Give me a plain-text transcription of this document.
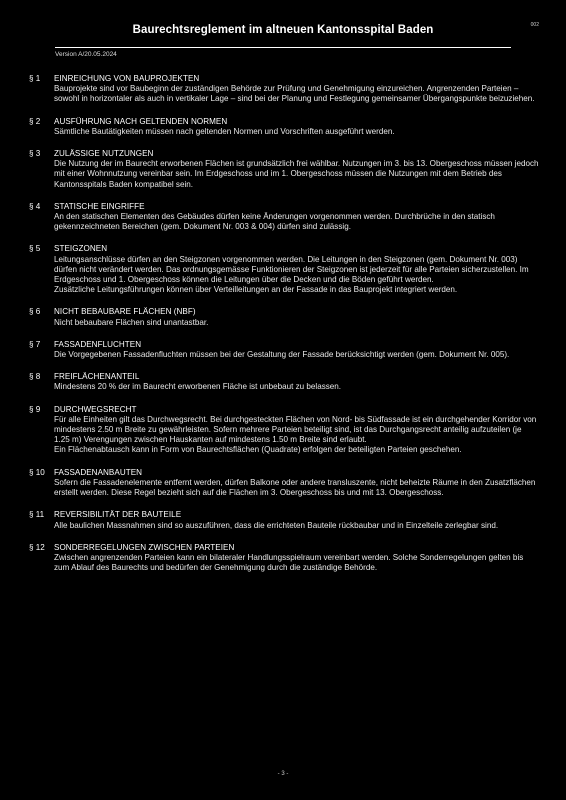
002
Baurechtsreglement im altneuen Kantonsspital Baden
Version A/20.05.2024
§ 1 EINREICHUNG VON BAUPROJEKTEN
Bauprojekte sind vor Baubeginn der zuständigen Behörde zur Prüfung und Genehmigung einzureichen. Angrenzenden Parteien – sowohl in horizontaler als auch in vertikaler Lage – sind bei der Planung und Festlegung gemeinsamer Übergangspunkte beizuziehen.
§ 2 AUSFÜHRUNG NACH GELTENDEN NORMEN
Sämtliche Bautätigkeiten müssen nach geltenden Normen und Vorschriften ausgeführt werden.
§ 3 ZULÄSSIGE NUTZUNGEN
Die Nutzung der im Baurecht erworbenen Flächen ist grundsätzlich frei wählbar. Nutzungen im 3. bis 13. Obergeschoss müssen jedoch mit einer Wohnnutzung vereinbar sein. Im Erdgeschoss und im 1. Obergeschoss müssen die Nutzungen mit dem Betrieb des Kantonsspitals Baden kompatibel sein.
§ 4 STATISCHE EINGRIFFE
An den statischen Elementen des Gebäudes dürfen keine Änderungen vorgenommen werden. Durchbrüche in den statisch gekennzeichneten Bereichen (gem. Dokument Nr. 003 & 004) dürfen sind zulässig.
§ 5 STEIGZONEN
Leitungsanschlüsse dürfen an den Steigzonen vorgenommen werden. Die Leitungen in den Steigzonen (gem. Dokument Nr. 003) dürfen nicht verändert werden. Das ordnungsgemässe Funktionieren der Steigzonen ist jederzeit für alle Parteien sicherzustellen. Im Erdgeschoss und 1. Obergeschoss können die Leitungen über die Decken und die Böden geführt werden.
Zusätzliche Leitungsführungen können über Verteilleitungen an der Fassade in das Bauprojekt integriert werden.
§ 6 NICHT BEBAUBARE FLÄCHEN (NBF)
Nicht bebaubare Flächen sind unantastbar.
§ 7 FASSADENFLUCHTEN
Die Vorgegebenen Fassadenfluchten müssen bei der Gestaltung der Fassade berücksichtigt werden (gem. Dokument Nr. 005).
§ 8 FREIFLÄCHENANTEIL
Mindestens 20 % der im Baurecht erworbenen Fläche ist unbebaut zu belassen.
§ 9 DURCHWEGSRECHT
Für alle Einheiten gilt das Durchwegsrecht. Bei durchgesteckten Flächen von Nord- bis Südfassade ist ein durchgehender Korridor von mindestens 2.50 m Breite zu gewährleisten. Sofern mehrere Parteien beteiligt sind, ist das Durchgangsrecht anteilig aufzuteilen (je 1.25 m) Verengungen zwischen Hauskanten auf mindestens 1.50 m Breite sind erlaubt.
Ein Flächenabtausch kann in Form von Baurechtsflächen (Quadrate) erfolgen der beteiligten Parteien geschehen.
§ 10 FASSADENANBAUTEN
Sofern die Fassadenelemente entfernt werden, dürfen Balkone oder andere transluszente, nicht beheizte Räume in den Zusatzflächen erstellt werden. Diese Regel bezieht sich auf die Flächen im 3. Obergeschoss bis und mit 13. Obergeschoss.
§ 11 REVERSIBILITÄT DER BAUTEILE
Alle baulichen Massnahmen sind so auszuführen, dass die errichteten Bauteile rückbaubar und in Einzelteile zerlegbar sind.
§ 12 SONDERREGELUNGEN ZWISCHEN PARTEIEN
Zwischen angrenzenden Parteien kann ein bilateraler Handlungsspielraum vereinbart werden. Solche Sonderregelungen gelten bis zum Ablauf des Baurechts und bedürfen der Genehmigung durch die zuständige Behörde.
- 3 -
